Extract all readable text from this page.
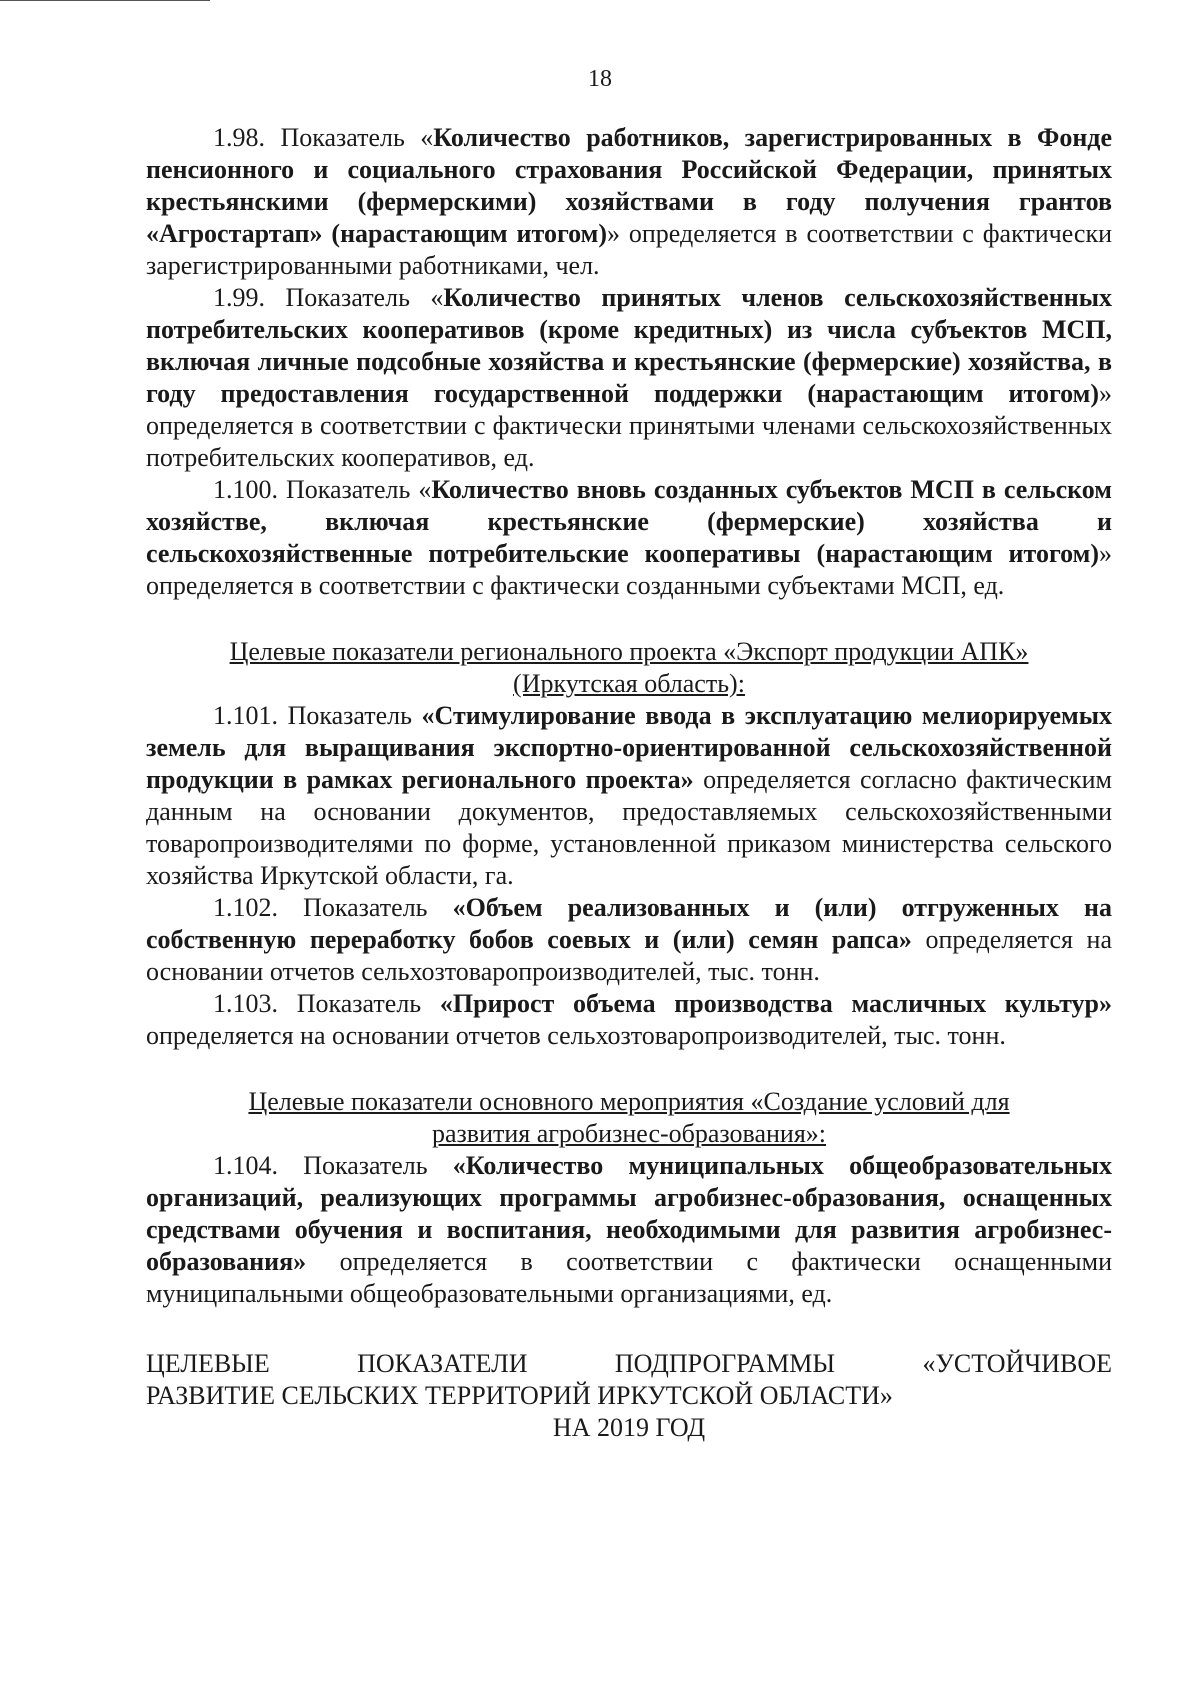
18

1.98. Показатель «Количество работников, зарегистрированных в Фонде пенсионного и социального страхования Российской Федерации, принятых крестьянскими (фермерскими) хозяйствами в году получения грантов «Агростартап» (нарастающим итогом)» определяется в соответствии с фактически зарегистрированными работниками, чел.

1.99. Показатель «Количество принятых членов сельскохозяйственных потребительских кооперативов (кроме кредитных) из числа субъектов МСП, включая личные подсобные хозяйства и крестьянские (фермерские) хозяйства, в году предоставления государственной поддержки (нарастающим итогом)» определяется в соответствии с фактически принятыми членами сельскохозяйственных потребительских кооперативов, ед.

1.100. Показатель «Количество вновь созданных субъектов МСП в сельском хозяйстве, включая крестьянские (фермерские) хозяйства и сельскохозяйственные потребительские кооперативы (нарастающим итогом)» определяется в соответствии с фактически созданными субъектами МСП, ед.

Целевые показатели регионального проекта «Экспорт продукции АПК»
(Иркутская область):

1.101. Показатель «Стимулирование ввода в эксплуатацию мелиорируемых земель для выращивания экспортно-ориентированной сельскохозяйственной продукции в рамках регионального проекта» определяется согласно фактическим данным на основании документов, предоставляемых сельскохозяйственными товаропроизводителями по форме, установленной приказом министерства сельского хозяйства Иркутской области, га.

1.102. Показатель «Объем реализованных и (или) отгруженных на собственную переработку бобов соевых и (или) семян рапса» определяется на основании отчетов сельхозтоваропроизводителей, тыс. тонн.

1.103. Показатель «Прирост объема производства масличных культур» определяется на основании отчетов сельхозтоваропроизводителей, тыс. тонн.

Целевые показатели основного мероприятия «Создание условий для
развития агробизнес-образования»:

1.104. Показатель «Количество муниципальных общеобразовательных организаций, реализующих программы агробизнес-образования, оснащенных средствами обучения и воспитания, необходимыми для развития агробизнес-образования» определяется в соответствии с фактически оснащенными муниципальными общеобразовательными организациями, ед.

ЦЕЛЕВЫЕ ПОКАЗАТЕЛИ ПОДПРОГРАММЫ «УСТОЙЧИВОЕ
РАЗВИТИЕ СЕЛЬСКИХ ТЕРРИТОРИЙ ИРКУТСКОЙ ОБЛАСТИ»
НА 2019 ГОД
